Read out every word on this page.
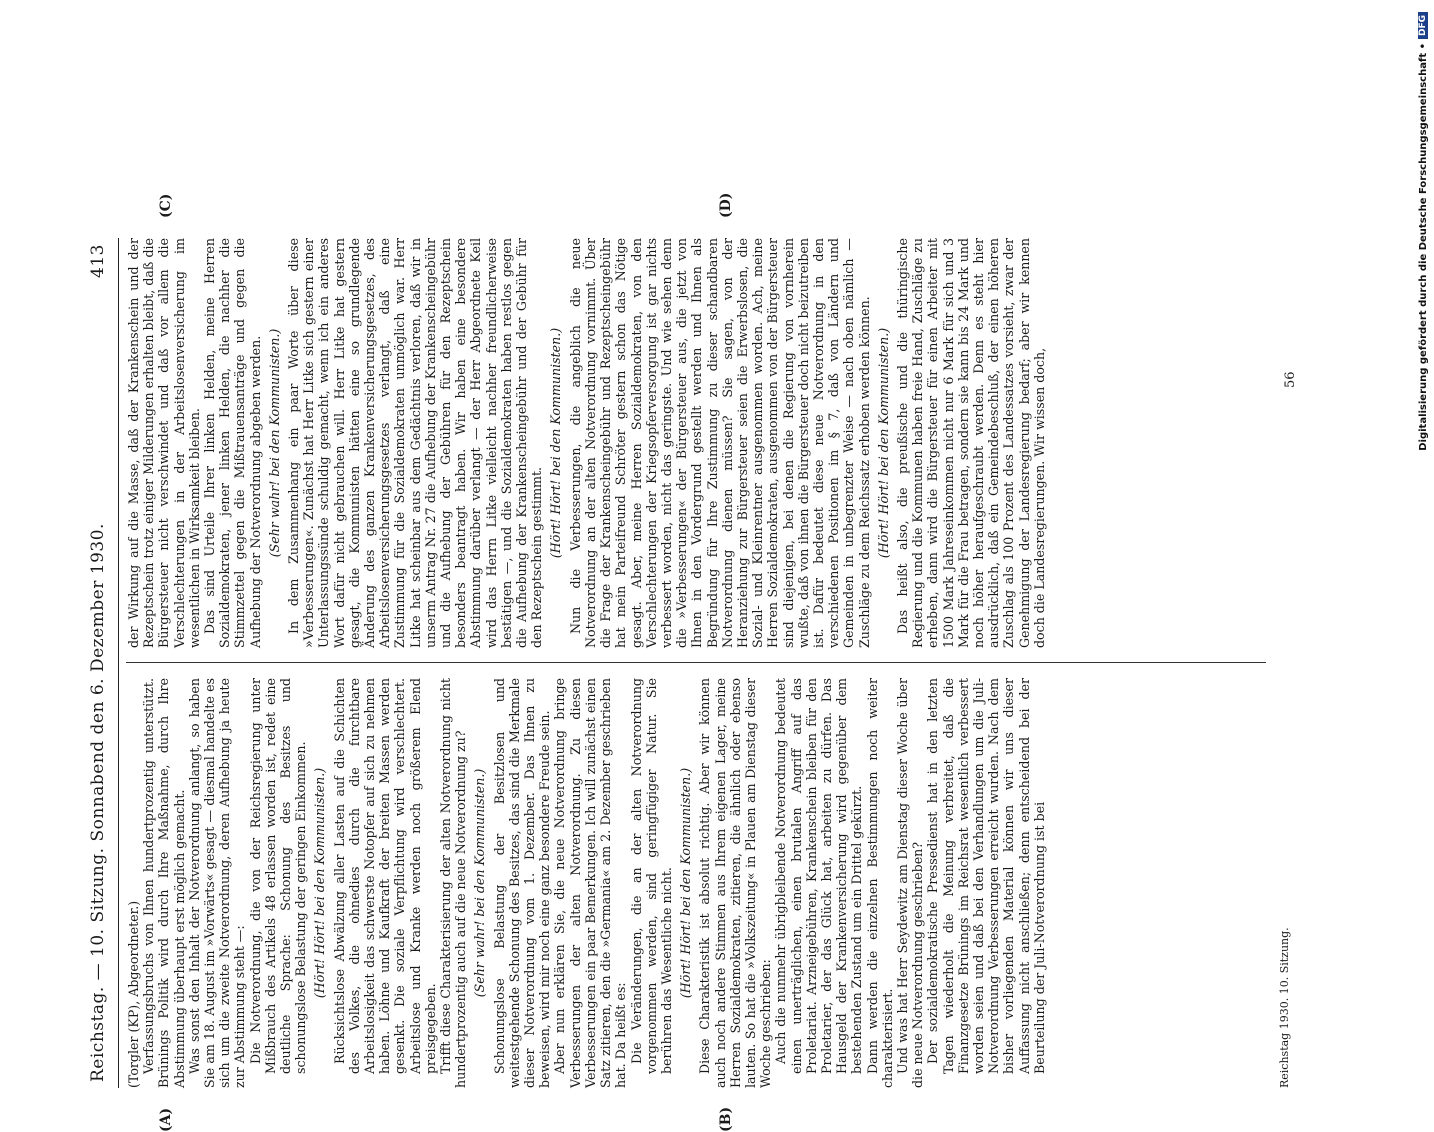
Reichstag. — 10. Sitzung. Sonnabend den 6. Dezember 1930.
413
(A)	(B)
(C)	(D)

(Torgler (KP), Abgeordneter.) Verfassungsbruchs von Ihnen hundertprozentig unterstützt. Brünings Politik wird durch Ihre Maßnahme, durch Ihre Abstimmung überhaupt erst möglich gemacht. Was sonst den Inhalt der Notverordnung anlangt, so haben Sie am 18. August im »Vorwärts« gesagt — diesmal handelte es sich um die zweite Notverordnung, deren Aufhebung ja heute zur Abstimmung steht —: Die Notverordnung, die von der Reichsregierung unter Mißbrauch des Artikels 48 erlassen worden ist, redet eine deutliche Sprache: Schonung des Besitzes und schonungslose Belastung der geringen Einkommen. (Hört! Hört! bei den Kommunisten.) Rücksichtslose Abwälzung aller Lasten auf die Schichten des Volkes, die ohnedies durch die furchtbare Arbeitslosigkeit das schwerste Notopfer auf sich zu nehmen haben. Löhne und Kaufkraft der breiten Massen werden gesenkt. Die soziale Verpflichtung wird verschlechtert. Arbeitslose und Kranke werden noch größerem Elend preisgegeben. Trifft diese Charakterisierung der alten Notverordnung nicht hundertprozentig auch auf die neue Notverordnung zu? (Sehr wahr! bei den Kommunisten.) Schonungslose Belastung der Besitzlosen und weitestgehende Schonung des Besitzes, das sind die Merkmale dieser Notverordnung vom 1. Dezember. Das Ihnen zu beweisen, wird mir noch eine ganz besondere Freude sein. Aber nun erklären Sie, die neue Notverordnung bringe Verbesserungen der alten Notverordnung. Zu diesen Verbesserungen ein paar Bemerkungen. Ich will zunächst einen Satz zitieren, den die »Germania« am 2. Dezember geschrieben hat. Da heißt es: Die Veränderungen, die an der alten Notverordnung vorgenommen werden, sind geringfügiger Natur. Sie berühren das Wesentliche nicht. (Hört! Hört! bei den Kommunisten.) Diese Charakteristik ist absolut richtig. Aber wir können auch noch andere Stimmen aus Ihrem eigenen Lager, meine Herren Sozialdemokraten, zitieren, die ähnlich oder ebenso lauten. So hat die »Volkszeitung« in Plauen am Dienstag dieser Woche geschrieben: Auch die nunmehr übrigbleibende Notverordnung bedeutet einen unerträglichen, einen brutalen Angriff auf das Proletariat. Arzneigebühren, Krankenschein bleiben für den Proletarier, der das Glück hat, arbeiten zu dürfen. Das Hausgeld der Krankenversicherung wird gegenüber dem bestehenden Zustand um ein Drittel gekürzt. Dann werden die einzelnen Bestimmungen noch weiter charakterisiert. Und was hat Herr Seydewitz am Dienstag dieser Woche über die neue Notverordnung geschrieben? Der sozialdemokratische Pressedienst hat in den letzten Tagen wiederholt die Meinung verbreitet, daß die Finanzgesetze Brünings im Reichsrat wesentlich verbessert worden seien und daß bei den Verhandlungen um die Juli-Notverordnung Verbesserungen erreicht wurden. Nach dem bisher vorliegenden Material können wir uns dieser Auffassung nicht anschließen; denn entscheidend bei der Beurteilung der Juli-Notverordnung ist bei

der Wirkung auf die Masse, daß der Krankenschein und der Rezeptschein trotz einiger Milderungen erhalten bleibt, daß die Bürgersteuer nicht verschwindet und daß vor allem die Verschlechterungen in der Arbeitslosenversicherung im wesentlichen in Wirksamkeit bleiben. Das sind Urteile Ihrer linken Helden, meine Herren Sozialdemokraten, jener linken Helden, die nachher die Stimmzettel gegen die Mißtrauensanträge und gegen die Aufhebung der Notverordnung abgeben werden. (Sehr wahr! bei den Kommunisten.) In dem Zusammenhang ein paar Worte über diese »Verbesserungen«. Zunächst hat Herr Litke sich gestern einer Unterlassungssünde schuldig gemacht, wenn ich ein anderes Wort dafür nicht gebrauchen will. Herr Litke hat gestern gesagt, die Kommunisten hätten eine so grundlegende Änderung des ganzen Krankenversicherungsgesetzes, des Arbeitslosenversicherungsgesetzes verlangt, daß eine Zustimmung für die Sozialdemokraten unmöglich war. Herr Litke hat scheinbar aus dem Gedächtnis verloren, daß wir in unserm Antrag Nr. 27 die Aufhebung der Krankenscheingebühr und die Aufhebung der Gebühren für den Rezeptschein besonders beantragt haben. Wir haben eine besondere Abstimmung darüber verlangt — der Herr Abgeordnete Keil wird das Herrn Litke vielleicht nachher freundlicherweise bestätigen —, und die Sozialdemokraten haben restlos gegen die Aufhebung der Krankenscheingebühr und der Gebühr für den Rezeptschein gestimmt. (Hört! Hört! bei den Kommunisten.) Nun die Verbesserungen, die angeblich die neue Notverordnung an der alten Notverordnung vornimmt. Über die Frage der Krankenscheingebühr und Rezeptscheingebühr hat mein Parteifreund Schröter gestern schon das Nötige gesagt. Aber, meine Herren Sozialdemokraten, von den Verschlechterungen der Kriegsopferversorgung ist gar nichts verbessert worden, nicht das geringste. Und wie sehen denn die »Verbesserungen« der Bürgersteuer aus, die jetzt von Ihnen in den Vordergrund gestellt werden und Ihnen als Begründung für Ihre Zustimmung zu dieser schandbaren Notverordnung dienen müssen? Sie sagen, von der Heranziehung zur Bürgersteuer seien die Erwerbslosen, die Sozial- und Kleinrentner ausgenommen worden. Ach, meine Herren Sozialdemokraten, ausgenommen von der Bürgersteuer sind diejenigen, bei denen die Regierung von vornherein wußte, daß von ihnen die Bürgersteuer doch nicht beizutreiben ist. Dafür bedeutet diese neue Notverordnung in den verschiedenen Positionen im § 7, daß von Ländern und Gemeinden in unbegrenzter Weise — nach oben nämlich — Zuschläge zu dem Reichssatz erhoben werden können. (Hört! Hört! bei den Kommunisten.) Das heißt also, die preußische und die thüringische Regierung und die Kommunen haben freie Hand, Zuschläge zu erheben, dann wird die Bürgersteuer für einen Arbeiter mit 1500 Mark Jahreseinkommen nicht nur 6 Mark für sich und 3 Mark für die Frau betragen, sondern sie kann bis 24 Mark und noch höher heraufgeschraubt werden. Denn es steht hier ausdrücklich, daß ein Gemeindebeschluß, der einen höheren Zuschlag als 100 Prozent des Landessatzes vorsieht, zwar der Genehmigung der Landesregierung bedarf; aber wir kennen doch die Landesregierungen. Wir wissen doch,

Reichstag 1930. 10. Sitzung.
56	Digitalisierung gefördert durch die Deutsche Forschungsgemeinschaft •
DFG
